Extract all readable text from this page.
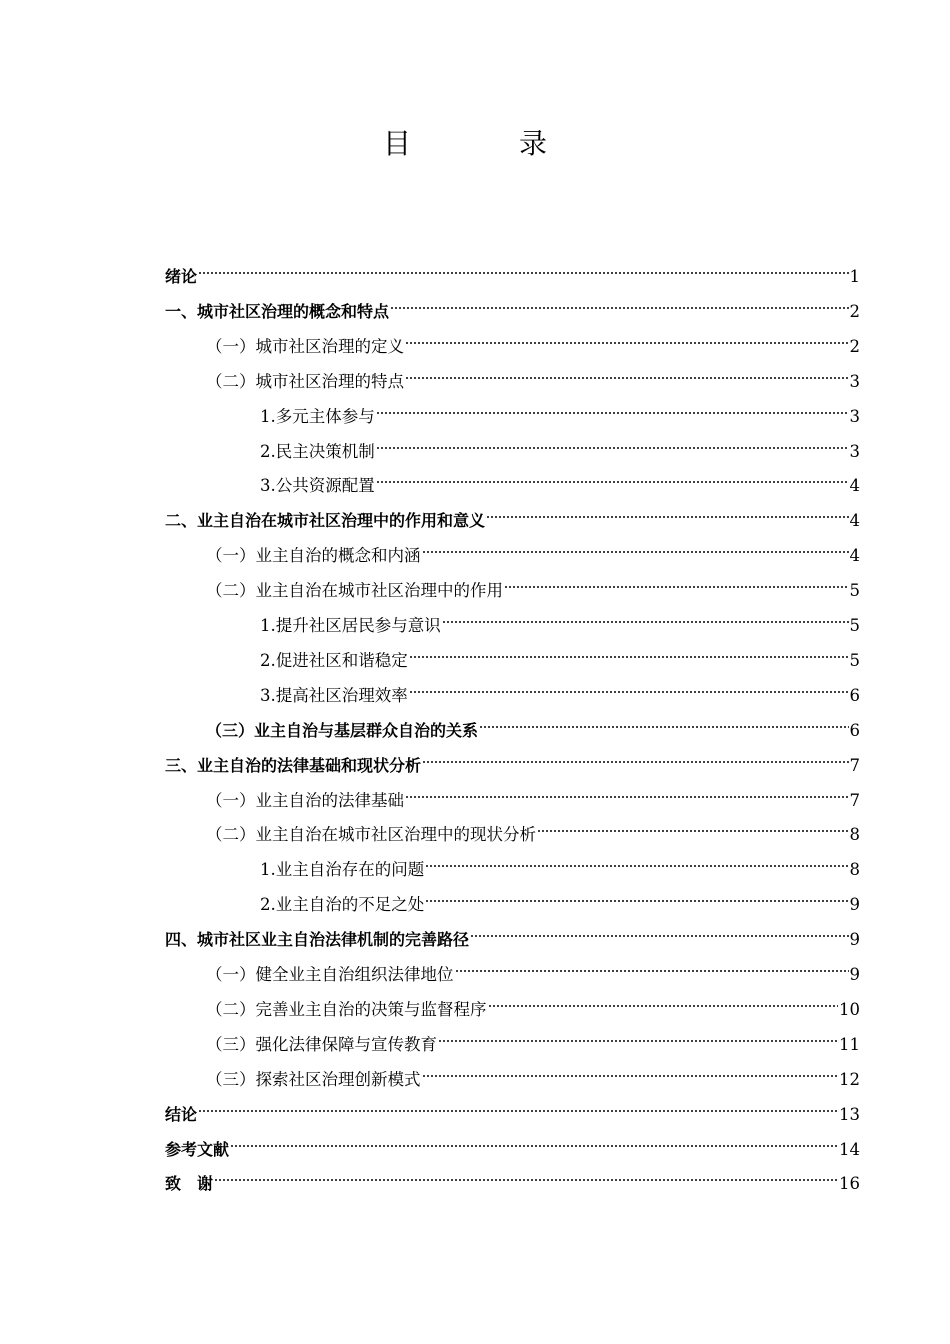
目　录
绪论	1
一、城市社区治理的概念和特点	2
（一）城市社区治理的定义	2
（二）城市社区治理的特点	3
1.多元主体参与	3
2.民主决策机制	3
3.公共资源配置	4
二、业主自治在城市社区治理中的作用和意义	4
（一）业主自治的概念和内涵	4
（二）业主自治在城市社区治理中的作用	5
1.提升社区居民参与意识	5
2.促进社区和谐稳定	5
3.提高社区治理效率	6
（三）业主自治与基层群众自治的关系	6
三、业主自治的法律基础和现状分析	7
（一）业主自治的法律基础	7
（二）业主自治在城市社区治理中的现状分析	8
1.业主自治存在的问题	8
2.业主自治的不足之处	9
四、城市社区业主自治法律机制的完善路径	9
（一）健全业主自治组织法律地位	9
（二）完善业主自治的决策与监督程序	10
（三）强化法律保障与宣传教育	11
（三）探索社区治理创新模式	12
结论	13
参考文献	14
致　谢	16
